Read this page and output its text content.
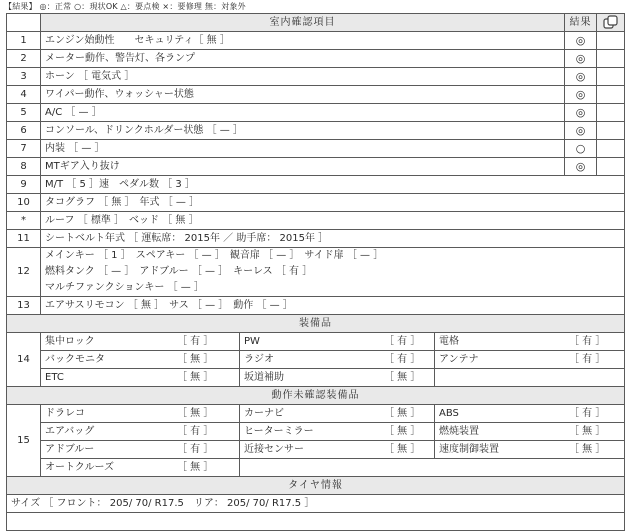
【結果】 ◎：正常 ○：現状OK △：要点検 ×：要修理 無：対象外
	室内確認項目			結果	
1	エンジン始動性　　セキュリティ［ 無 ］			◎	
2	メーター動作、警告灯、各ランプ			◎	
3	ホーン ［ 電気式 ］			◎	
4	ワイパー動作、ウォッシャー状態			◎	
5	A/C ［ — ］			◎	
6	コンソール、ドリンクホルダー状態 ［ — ］			◎	
7	内装 ［ — ］			○	
8	MTギア入り抜け			◎	
9	M/T ［ 5 ］速　ペダル数 ［ 3 ］				
10	タコグラフ ［ 無 ］　年式 ［ — ］				
*	ルーフ ［ 標準 ］　ベッド ［ 無 ］				
11	シートベルト年式 ［ 運転席： 2015年 ／ 助手席： 2015年 ］				
12	メインキー ［ 1 ］　スペアキー ［ — ］　観音扉 ［ — ］　サイド扉 ［ — ］
燃料タンク ［ — ］　アドブルー ［ — ］　キーレス ［ 有 ］
マルチファンクションキー ［ — ］				

13	エアサスリモコン ［ 無 ］　サス ［ — ］　動作 ［ — ］				
装備品					
14	集中ロック ［ 有 ］	PW ［ 有 ］	電格 ［ 有 ］		
	バックモニタ ［ 無 ］	ラジオ ［ 有 ］	アンテナ ［ 有 ］		
	ETC ［ 無 ］	坂道補助 ［ 無 ］			
動作未確認装備品					
15	ドラレコ ［ 無 ］	カーナビ ［ 無 ］	ABS ［ 有 ］		
	エアバッグ ［ 有 ］	ヒーターミラー ［ 無 ］	燃焼装置 ［ 無 ］		
	アドブルー ［ 有 ］	近接センサー ［ 無 ］	速度制御装置 ［ 無 ］		
	オートクルーズ ［ 無 ］				
タイヤ情報					
サイズ ［ フロント： 205/ 70/ R17.5　リア： 205/ 70/ R17.5 ］					
